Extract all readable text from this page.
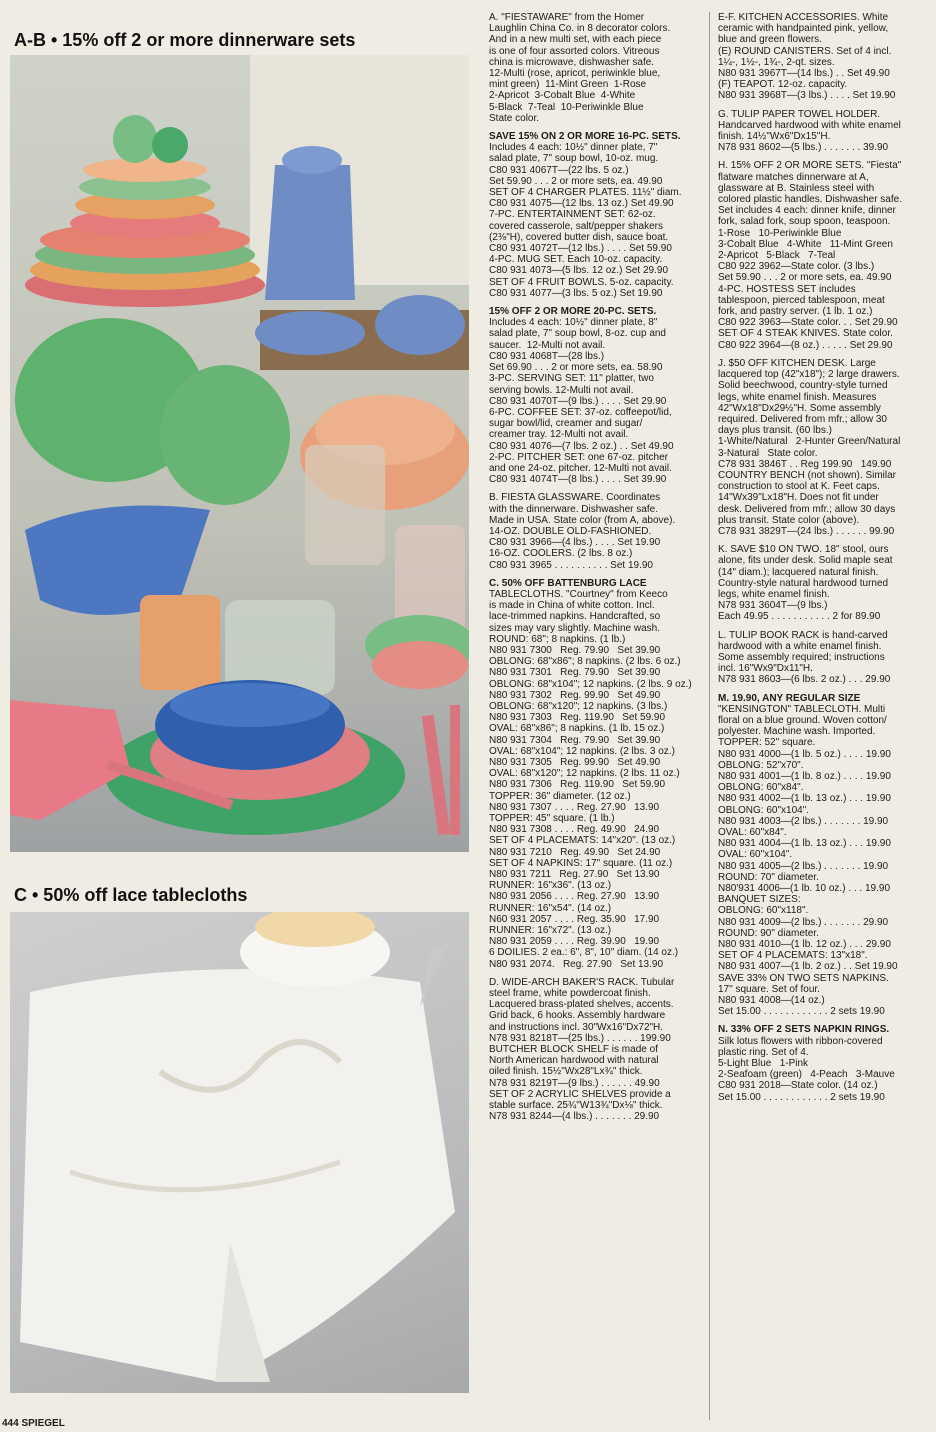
A-B • 15% off 2 or more dinnerware sets
C • 50% off lace tablecloths

A. "FIESTAWARE" from the Homer

Laughlin China Co. in 8 decorator colors.

And in a new multi set, with each piece

is one of four assorted colors. Vitreous

china is microwave, dishwasher safe.

12-Multi (rose, apricot, periwinkle blue,

mint green)  11-Mint Green  1-Rose

2-Apricot  3-Cobalt Blue  4-White

5-Black  7-Teal  10-Periwinkle Blue

State color.

SAVE 15% ON 2 OR MORE 16-PC. SETS.

Includes 4 each: 10½" dinner plate, 7"

salad plate, 7" soup bowl, 10-oz. mug.

C80 931 4067T—(22 lbs. 5 oz.)

Set 59.90 . . . 2 or more sets, ea. 49.90

SET OF 4 CHARGER PLATES. 11½" diam.

C80 931 4075—(12 lbs. 13 oz.) Set 49.90

7-PC. ENTERTAINMENT SET: 62-oz.

covered casserole, salt/pepper shakers

(2⅜"H), covered butter dish, sauce boat.

C80 931 4072T—(12 lbs.) . . . . Set 59.90

4-PC. MUG SET. Each 10-oz. capacity.

C80 931 4073—(5 lbs. 12 oz.) Set 29.90

SET OF 4 FRUIT BOWLS. 5-oz. capacity.

C80 931 4077—(3 lbs. 5 oz.) Set 19.90

15% OFF 2 OR MORE 20-PC. SETS.

Includes 4 each: 10½" dinner plate, 8"

salad plate, 7" soup bowl, 8-oz. cup and

saucer.  12-Multi not avail.

C80 931 4068T—(28 lbs.)

Set 69.90 . . . 2 or more sets, ea. 58.90

3-PC. SERVING SET: 11" platter, two

serving bowls. 12-Multi not avail.

C80 931 4070T—(9 lbs.) . . . . Set 29.90

6-PC. COFFEE SET: 37-oz. coffeepot/lid,

sugar bowl/lid, creamer and sugar/

creamer tray. 12-Multi not avail.

C80 931 4076—(7 lbs. 2 oz.) . . Set 49.90

2-PC. PITCHER SET: one 67-oz. pitcher

and one 24-oz. pitcher. 12-Multi not avail.

C80 931 4074T—(8 lbs.) . . . . Set 39.90

B. FIESTA GLASSWARE. Coordinates

with the dinnerware. Dishwasher safe.

Made in USA. State color (from A, above).

14-OZ. DOUBLE OLD-FASHIONED.

C80 931 3966—(4 lbs.) . . . . Set 19.90

16-OZ. COOLERS. (2 lbs. 8 oz.)

C80 931 3965 . . . . . . . . . . Set 19.90

C. 50% OFF BATTENBURG LACE

TABLECLOTHS. "Courtney" from Keeco

is made in China of white cotton. Incl.

lace-trimmed napkins. Handcrafted, so

sizes may vary slightly. Machine wash.

ROUND: 68"; 8 napkins. (1 lb.)

N80 931 7300   Reg. 79.90   Set 39.90

OBLONG: 68"x86"; 8 napkins. (2 lbs. 6 oz.)

N80 931 7301   Reg. 79.90   Set 39.90

OBLONG: 68"x104"; 12 napkins. (2 lbs. 9 oz.)

N80 931 7302   Reg. 99.90   Set 49.90

OBLONG: 68"x120"; 12 napkins. (3 lbs.)

N80 931 7303   Reg. 119.90   Set 59.90

OVAL: 68"x86"; 8 napkins. (1 lb. 15 oz.)

N80 931 7304   Reg. 79.90   Set 39.90

OVAL: 68"x104"; 12 napkins. (2 lbs. 3 oz.)

N80 931 7305   Reg. 99.90   Set 49.90

OVAL: 68"x120"; 12 napkins. (2 lbs. 11 oz.)

N80 931 7306   Reg. 119.90   Set 59.90

TOPPER: 36" diameter. (12 oz.)

N80 931 7307 . . . . Reg. 27.90   13.90

TOPPER: 45" square. (1 lb.)

N80 931 7308 . . . . Reg. 49.90   24.90

SET OF 4 PLACEMATS: 14"x20". (13 oz.)

N80 931 7210   Reg. 49.90   Set 24.90

SET OF 4 NAPKINS: 17" square. (11 oz.)

N80 931 7211   Reg. 27.90   Set 13.90

RUNNER: 16"x36". (13 oz.)

N80 931 2056 . . . . Reg. 27.90   13.90

RUNNER: 16"x54". (14 oz.)

N60 931 2057 . . . . Reg. 35.90   17.90

RUNNER: 16"x72". (13 oz.)

N80 931 2059 . . . . Reg. 39.90   19.90

6 DOILIES. 2 ea.: 6", 8", 10" diam. (14 oz.)

N80 931 2074.   Reg. 27.90   Set 13.90

D. WIDE-ARCH BAKER'S RACK. Tubular

steel frame, white powdercoat finish.

Lacquered brass-plated shelves, accents.

Grid back, 6 hooks. Assembly hardware

and instructions incl. 30"Wx16"Dx72"H.

N78 931 8218T—(25 lbs.) . . . . . . 199.90

BUTCHER BLOCK SHELF is made of

North American hardwood with natural

oiled finish. 15½"Wx28"Lx¾" thick.

N78 931 8219T—(9 lbs.) . . . . . . 49.90

SET OF 2 ACRYLIC SHELVES provide a

stable surface. 25¾"W13¾"Dx⅛" thick.

N78 931 8244—(4 lbs.) . . . . . . . 29.90

E-F. KITCHEN ACCESSORIES. White

ceramic with handpainted pink, yellow,

blue and green flowers.

(E) ROUND CANISTERS. Set of 4 incl.

1¼-, 1½-, 1¾-, 2-qt. sizes.

N80 931 3967T—(14 lbs.) . . Set 49.90

(F) TEAPOT. 12-oz. capacity.

N80 931 3968T—(3 lbs.) . . . . Set 19.90

G. TULIP PAPER TOWEL HOLDER.

Handcarved hardwood with white enamel

finish. 14½"Wx6"Dx15"H.

N78 931 8602—(5 lbs.) . . . . . . . 39.90

H. 15% OFF 2 OR MORE SETS. "Fiesta"

flatware matches dinnerware at A,

glassware at B. Stainless steel with

colored plastic handles. Dishwasher safe.

Set includes 4 each: dinner knife, dinner

fork, salad fork, soup spoon, teaspoon.

1-Rose   10-Periwinkle Blue

3-Cobalt Blue   4-White   11-Mint Green

2-Apricot   5-Black   7-Teal

C80 922 3962—State color. (3 lbs.)

Set 59.90 . . . 2 or more sets, ea. 49.90

4-PC. HOSTESS SET includes

tablespoon, pierced tablespoon, meat

fork, and pastry server. (1 lb. 1 oz.)

C80 922 3963—State color. . . Set 29.90

SET OF 4 STEAK KNIVES. State color.

C80 922 3964—(8 oz.) . . . . . Set 29.90

J. $50 OFF KITCHEN DESK. Large

lacquered top (42"x18"); 2 large drawers.

Solid beechwood, country-style turned

legs, white enamel finish. Measures

42"Wx18"Dx29½"H. Some assembly

required. Delivered from mfr.; allow 30

days plus transit. (60 lbs.)

1-White/Natural   2-Hunter Green/Natural

3-Natural   State color.

C78 931 3846T . . Reg 199.90   149.90

COUNTRY BENCH (not shown). Similar

construction to stool at K. Feet caps.

14"Wx39"Lx18"H. Does not fit under

desk. Delivered from mfr.; allow 30 days

plus transit. State color (above).

C78 931 3829T—(24 lbs.) . . . . . . 99.90

K. SAVE $10 ON TWO. 18" stool, ours

alone, fits under desk. Solid maple seat

(14" diam.); lacquered natural finish.

Country-style natural hardwood turned

legs, white enamel finish.

N78 931 3604T—(9 lbs.)

Each 49.95 . . . . . . . . . . . 2 for 89.90

L. TULIP BOOK RACK is hand-carved

hardwood with a white enamel finish.

Some assembly required; instructions

incl. 16"Wx9"Dx11"H.

N78 931 8603—(6 lbs. 2 oz.) . . . 29.90

M. 19.90, ANY REGULAR SIZE

"KENSINGTON" TABLECLOTH. Multi

floral on a blue ground. Woven cotton/

polyester. Machine wash. Imported.

TOPPER: 52" square.

N80 931 4000—(1 lb. 5 oz.) . . . . 19.90

OBLONG: 52"x70".

N80 931 4001—(1 lb. 8 oz.) . . . . 19.90

OBLONG: 60"x84".

N80 931 4002—(1 lb. 13 oz.) . . . 19.90

OBLONG: 60"x104".

N80 931 4003—(2 lbs.) . . . . . . . 19.90

OVAL: 60"x84".

N80 931 4004—(1 lb. 13 oz.) . . . 19.90

OVAL: 60"x104".

N80 931 4005—(2 lbs.) . . . . . . . 19.90

ROUND: 70" diameter.

N80'931 4006—(1 lb. 10 oz.) . . . 19.90

BANQUET SIZES:

OBLONG: 60"x118".

N80 931 4009—(2 lbs.) . . . . . . . 29.90

ROUND: 90" diameter.

N80 931 4010—(1 lb. 12 oz.) . . . 29.90

SET OF 4 PLACEMATS: 13"x18".

N80 931 4007—(1 lb. 2 oz.) . . Set 19.90

SAVE 33% ON TWO SETS NAPKINS.

17" square. Set of four.

N80 931 4008—(14 oz.)

Set 15.00 . . . . . . . . . . . . 2 sets 19.90

N. 33% OFF 2 SETS NAPKIN RINGS.

Silk lotus flowers with ribbon-covered

plastic ring. Set of 4.

5-Light Blue   1-Pink

2-Seafoam (green)   4-Peach   3-Mauve

C80 931 2018—State color. (14 oz.)

Set 15.00 . . . . . . . . . . . . 2 sets 19.90

444 SPIEGEL
